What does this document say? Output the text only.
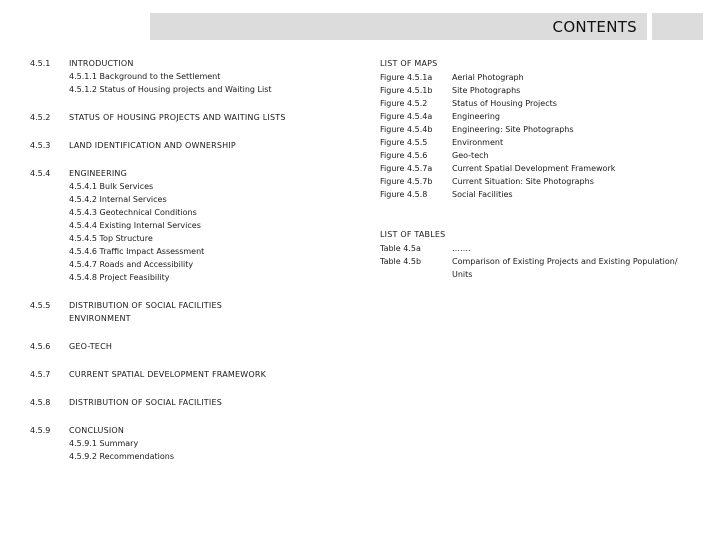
CONTENTS
4.5.1	INTRODUCTION
4.5.1.1 Background to the Settlement
4.5.1.2 Status of Housing projects and Waiting List
4.5.2	STATUS OF HOUSING PROJECTS AND WAITING LISTS
4.5.3	LAND IDENTIFICATION AND OWNERSHIP
4.5.4	ENGINEERING
4.5.4.1 Bulk Services
4.5.4.2 Internal Services
4.5.4.3 Geotechnical Conditions
4.5.4.4 Existing Internal Services
4.5.4.5 Top Structure
4.5.4.6 Traffic Impact Assessment
4.5.4.7 Roads and Accessibility
4.5.4.8 Project Feasibility
4.5.5	DISTRIBUTION OF SOCIAL FACILITIES
ENVIRONMENT
4.5.6	GEO-TECH
4.5.7	CURRENT SPATIAL DEVELOPMENT FRAMEWORK
4.5.8	DISTRIBUTION OF SOCIAL FACILITIES
4.5.9	CONCLUSION
4.5.9.1 Summary
4.5.9.2 Recommendations
LIST OF MAPS
Figure 4.5.1a	Aerial Photograph
Figure 4.5.1b	Site Photographs
Figure 4.5.2	Status of Housing Projects
Figure 4.5.4a	Engineering
Figure 4.5.4b	Engineering: Site Photographs
Figure 4.5.5	Environment
Figure 4.5.6	Geo-tech
Figure 4.5.7a	Current Spatial Development Framework
Figure 4.5.7b	Current Situation: Site Photographs
Figure 4.5.8	Social Facilities
LIST OF TABLES
Table 4.5a	…….
Table 4.5b	Comparison of Existing Projects and Existing Population/ Units
